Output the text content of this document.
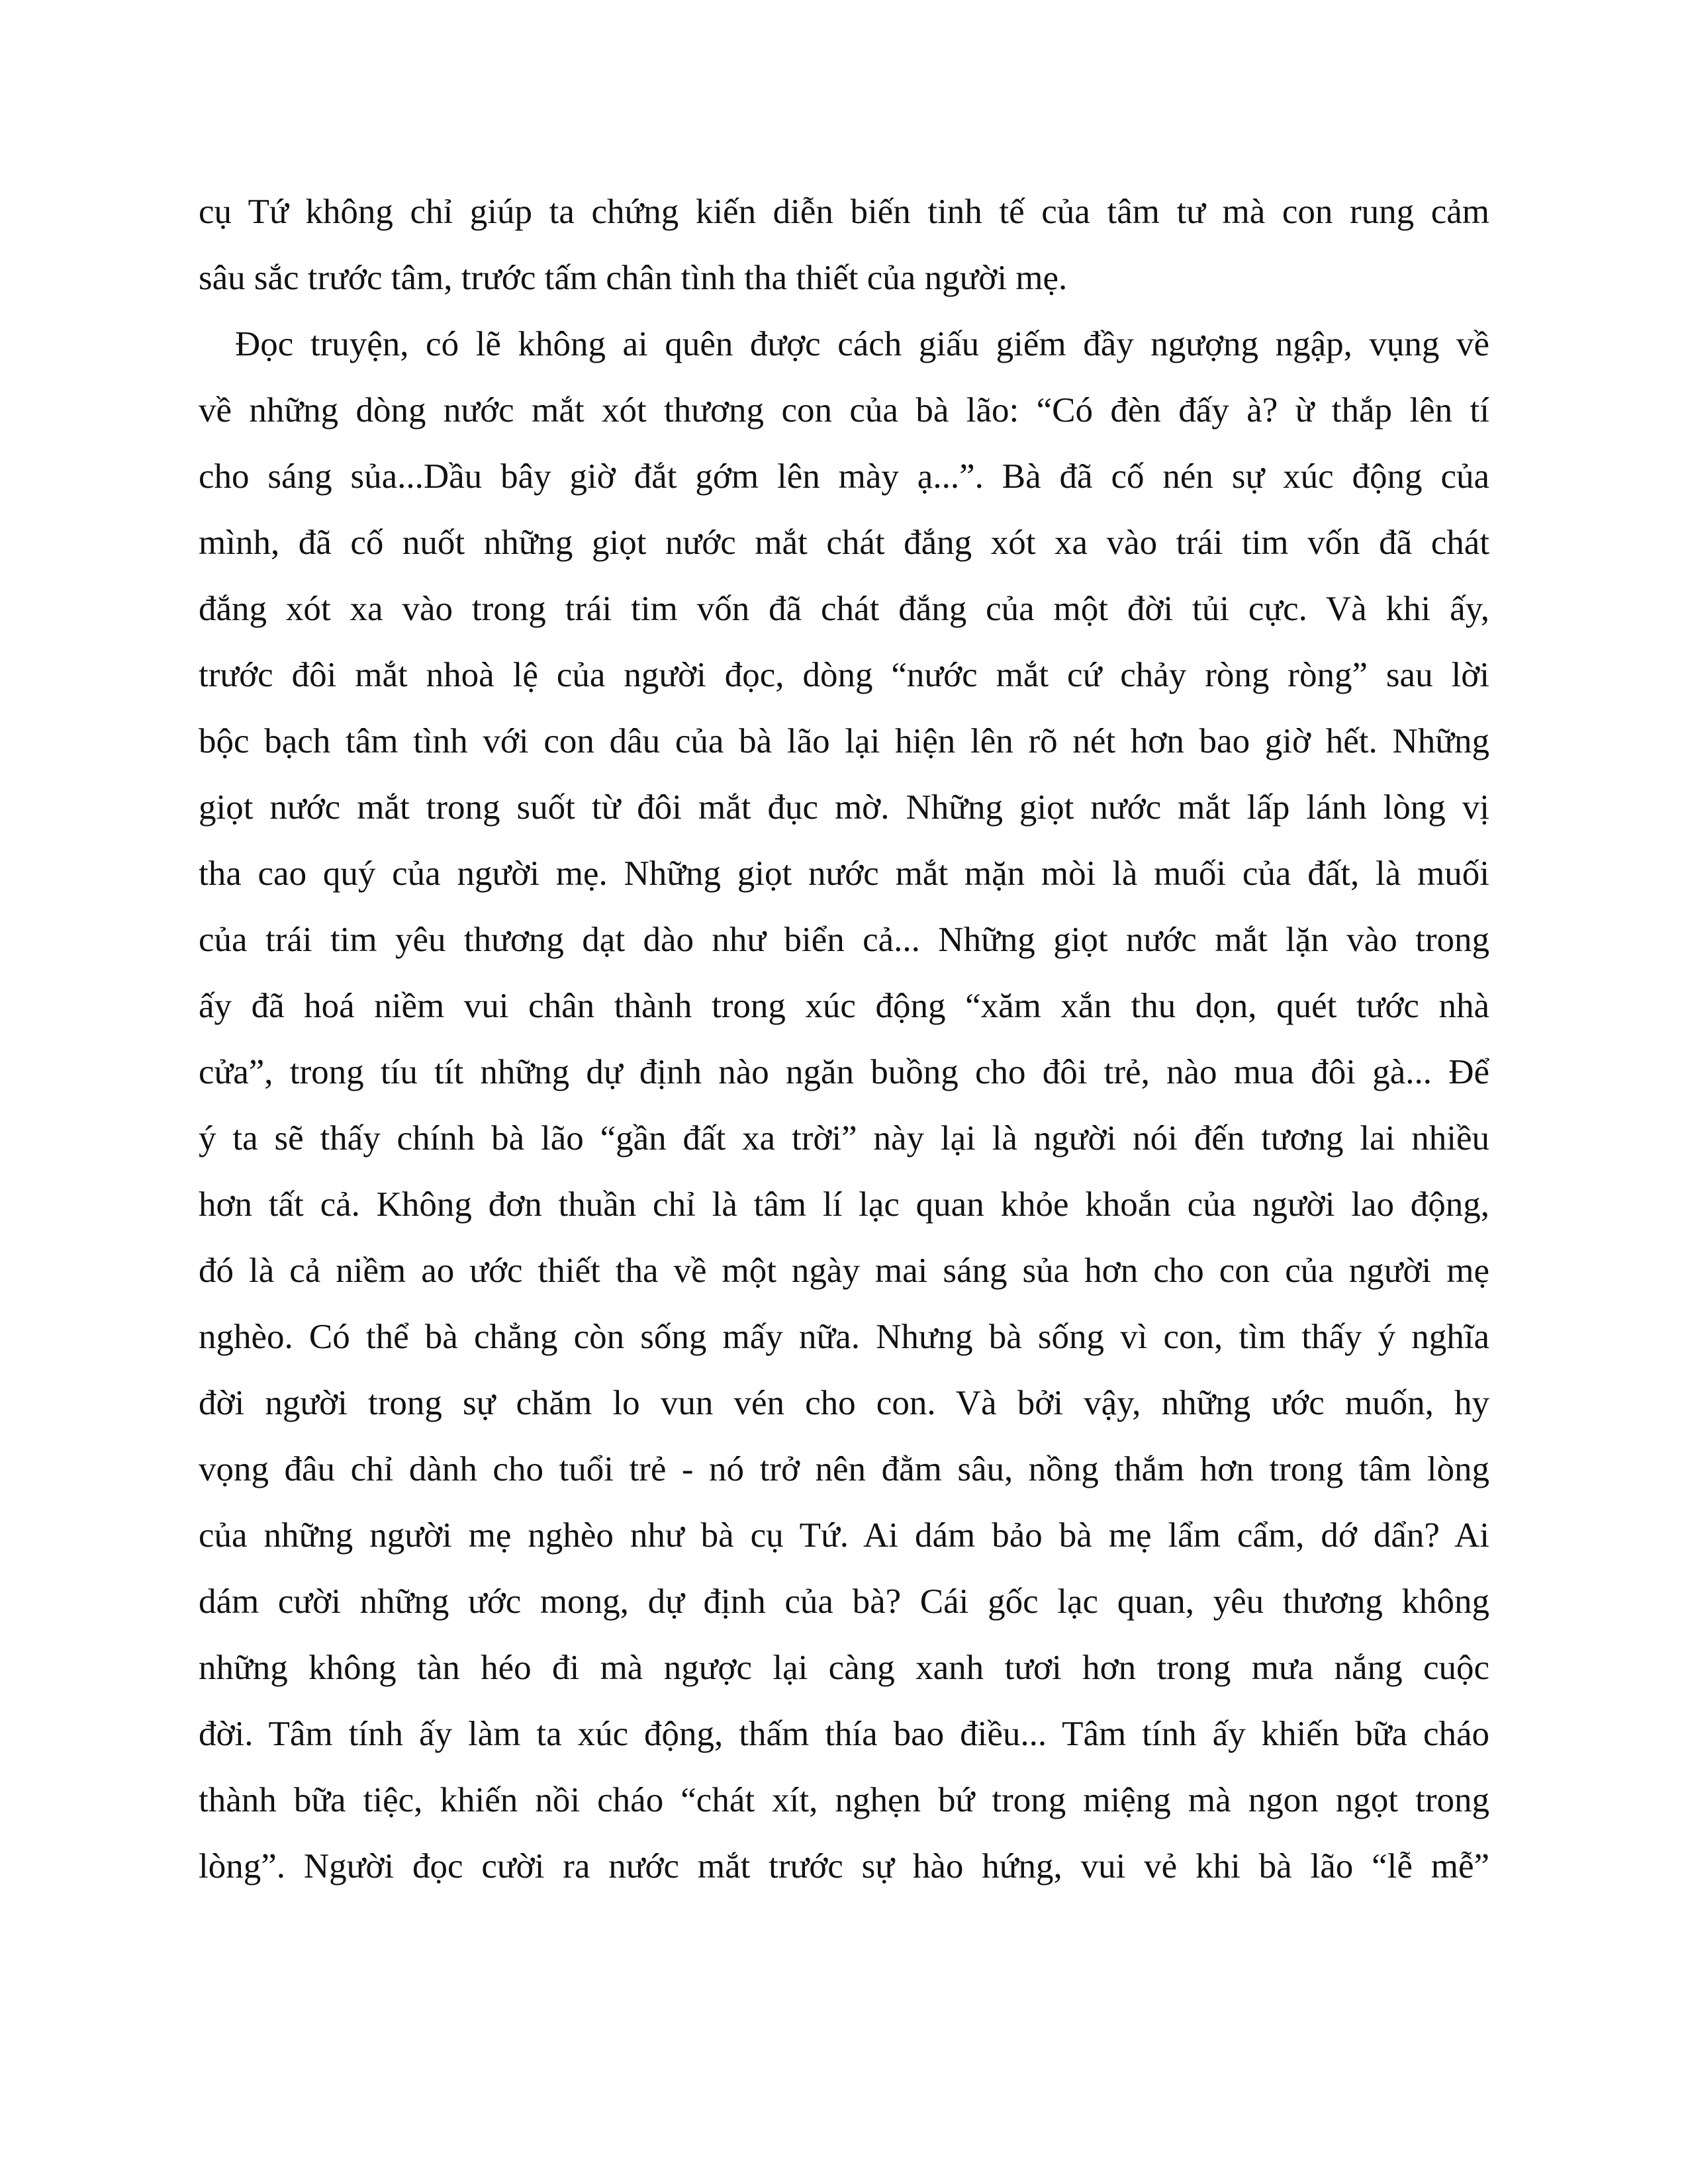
cụ Tứ không chỉ giúp ta chứng kiến diễn biến tinh tế của tâm tư mà con rung cảm
sâu sắc trước tâm, trước tấm chân tình tha thiết của người mẹ.

Đọc truyện, có lẽ không ai quên được cách giấu giếm đầy ngượng ngập, vụng về
về những dòng nước mắt xót thương con của bà lão: “Có đèn đấy à? ừ thắp lên tí
cho sáng sủa...Dầu bây giờ đắt gớm lên mày ạ...”. Bà đã cố nén sự xúc động của
mình, đã cố nuốt những giọt nước mắt chát đắng xót xa vào trái tim vốn đã chát
đắng xót xa vào trong trái tim vốn đã chát đắng của một đời tủi cực. Và khi ấy,
trước đôi mắt nhoà lệ của người đọc, dòng “nước mắt cứ chảy ròng ròng” sau lời
bộc bạch tâm tình với con dâu của bà lão lại hiện lên rõ nét hơn bao giờ hết. Những
giọt nước mắt trong suốt từ đôi mắt đục mờ. Những giọt nước mắt lấp lánh lòng vị
tha cao quý của người mẹ. Những giọt nước mắt mặn mòi là muối của đất, là muối
của trái tim yêu thương dạt dào như biển cả... Những giọt nước mắt lặn vào trong
ấy đã hoá niềm vui chân thành trong xúc động “xăm xắn thu dọn, quét tước nhà
cửa”, trong tíu tít những dự định nào ngăn buồng cho đôi trẻ, nào mua đôi gà... Để
ý ta sẽ thấy chính bà lão “gần đất xa trời” này lại là người nói đến tương lai nhiều
hơn tất cả. Không đơn thuần chỉ là tâm lí lạc quan khỏe khoắn của người lao động,
đó là cả niềm ao ước thiết tha về một ngày mai sáng sủa hơn cho con của người mẹ
nghèo. Có thể bà chẳng còn sống mấy nữa. Nhưng bà sống vì con, tìm thấy ý nghĩa
đời người trong sự chăm lo vun vén cho con. Và bởi vậy, những ước muốn, hy
vọng đâu chỉ dành cho tuổi trẻ - nó trở nên đằm sâu, nồng thắm hơn trong tâm lòng
của những người mẹ nghèo như bà cụ Tứ. Ai dám bảo bà mẹ lẩm cẩm, dớ dẩn? Ai
dám cười những ước mong, dự định của bà? Cái gốc lạc quan, yêu thương không
những không tàn héo đi mà ngược lại càng xanh tươi hơn trong mưa nắng cuộc
đời. Tâm tính ấy làm ta xúc động, thấm thía bao điều... Tâm tính ấy khiến bữa cháo
thành bữa tiệc, khiến nồi cháo “chát xít, nghẹn bứ trong miệng mà ngon ngọt trong
lòng”. Người đọc cười ra nước mắt trước sự hào hứng, vui vẻ khi bà lão “lễ mễ”
